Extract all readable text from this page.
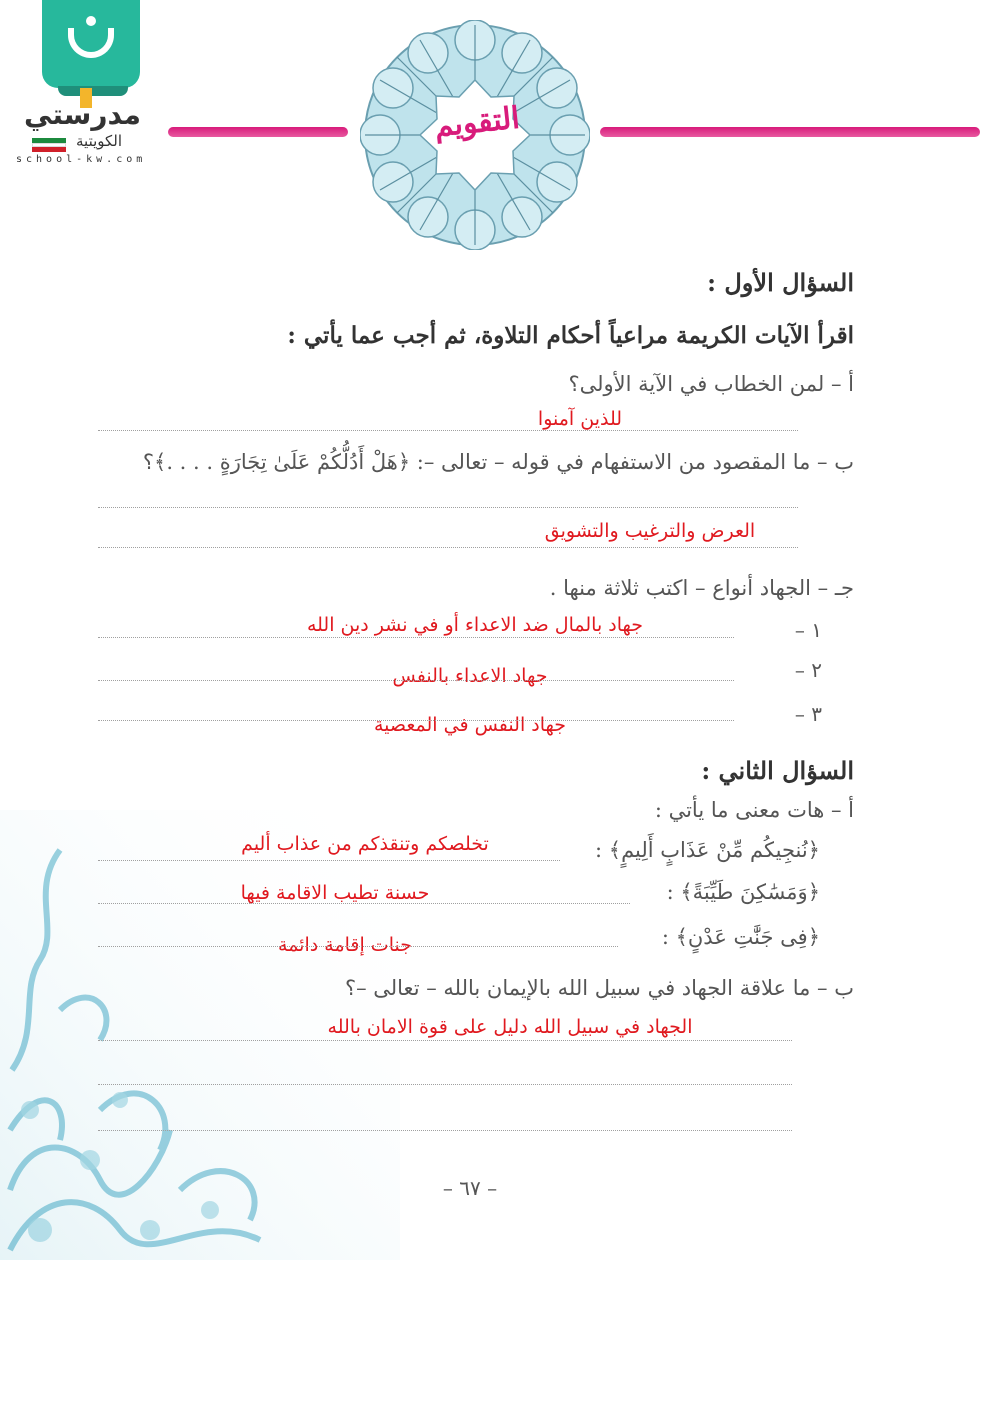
مدرستي
الكويتية
school-kw.com
التقويم
السؤال الأول :
اقرأ الآيات الكريمة مراعياً أحكام التلاوة، ثم أجب عما يأتي :
أ – لمن الخطاب في الآية الأولى؟
للذين آمنوا
ب – ما المقصود من الاستفهام في قوله – تعالى –: ﴿هَلْ أَدُلُّكُمْ عَلَىٰ تِجَارَةٍ . . . .﴾؟
العرض والترغيب والتشويق
جـ – الجهاد أنواع – اكتب ثلاثة منها .
١ –
جهاد بالمال ضد الاعداء أو في نشر دين الله
٢ –
جهاد الاعداء بالنفس
٣ –
جهاد النفس في المعصية
السؤال الثاني :
أ – هات معنى ما يأتي :
﴿نُنجِيكُم مِّنْ عَذَابٍ أَلِيمٍ﴾ :
تخلصكم وتنقذكم من عذاب أليم
﴿وَمَسَٰكِنَ طَيِّبَةً﴾ :
حسنة تطيب الاقامة فيها
﴿فِى جَنَّٰتِ عَدْنٍ﴾ :
جنات إقامة دائمة
ب – ما علاقة الجهاد في سبيل الله بالإيمان بالله – تعالى –؟
الجهاد في سبيل الله دليل على قوة الامان بالله
– ٦٧ –
